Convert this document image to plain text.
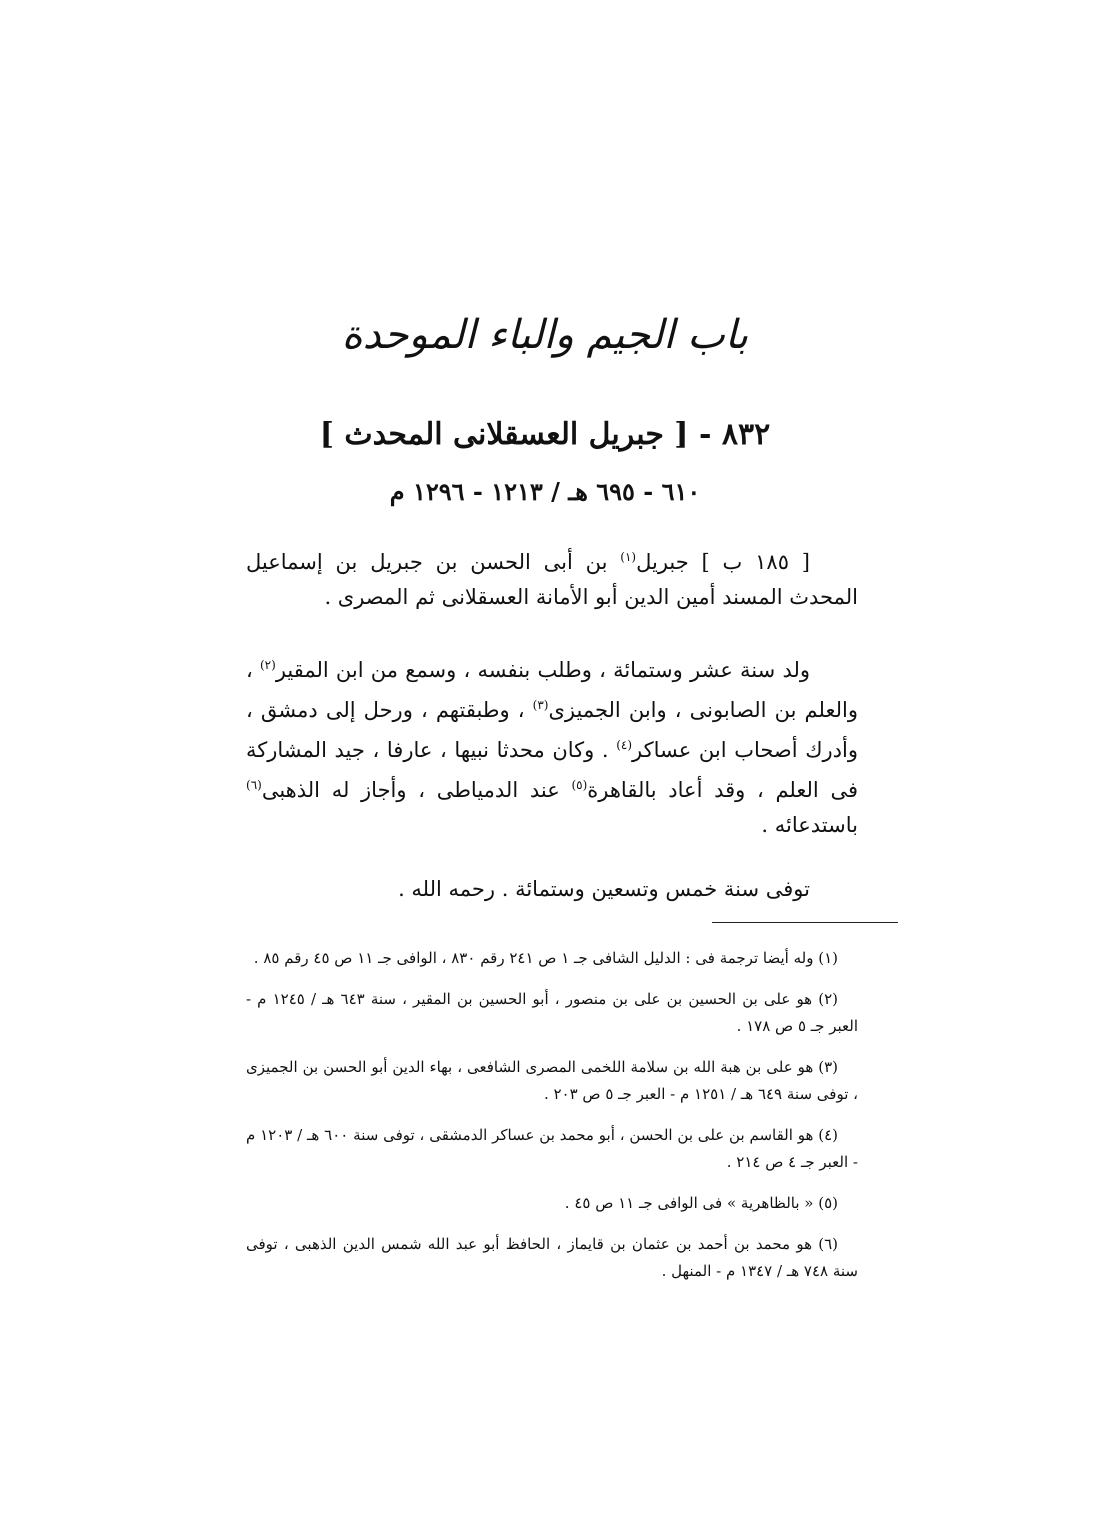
باب الجيم والباء الموحدة
٨٣٢ - [ جبريل العسقلانى المحدث ]
٦١٠ - ٦٩٥ هـ / ١٢١٣ - ١٢٩٦ م
[ ١٨٥ ب ] جبريل$^{(١)}$ بن أبى الحسن بن جبريل بن إسماعيل المحدث المسند أمين الدين أبو الأمانة العسقلانى ثم المصرى .
ولد سنة عشر وستمائة ، وطلب بنفسه ، وسمع من ابن المقير$^{(٢)}$ ، والعلم بن الصابونى ، وابن الجميزى$^{(٣)}$ ، وطبقتهم ، ورحل إلى دمشق ، وأدرك أصحاب ابن عساكر$^{(٤)}$ . وكان محدثا نبيها ، عارفا ، جيد المشاركة فى العلم ، وقد أعاد بالقاهرة$^{(٥)}$ عند الدمياطى ، وأجاز له الذهبى$^{(٦)}$ باستدعائه .
توفى سنة خمس وتسعين وستمائة . رحمه الله .

(١) وله أيضا ترجمة فى : الدليل الشافى جـ ١ ص ٢٤١ رقم ٨٣٠ ، الوافى جـ ١١ ص ٤٥ رقم ٨٥ .

(٢) هو على بن الحسين بن على بن منصور ، أبو الحسين بن المقير ، سنة ٦٤٣ هـ / ١٢٤٥ م - العبر جـ ٥ ص ١٧٨ .

(٣) هو على بن هبة الله بن سلامة اللخمى المصرى الشافعى ، بهاء الدين أبو الحسن بن الجميزى ، توفى سنة ٦٤٩ هـ / ١٢٥١ م - العبر جـ ٥ ص ٢٠٣ .

(٤) هو القاسم بن على بن الحسن ، أبو محمد بن عساكر الدمشقى ، توفى سنة ٦٠٠ هـ / ١٢٠٣ م - العبر جـ ٤ ص ٢١٤ .

(٥) « بالظاهرية » فى الوافى جـ ١١ ص ٤٥ .

(٦) هو محمد بن أحمد بن عثمان بن قايماز ، الحافظ أبو عبد الله شمس الدين الذهبى ، توفى سنة ٧٤٨ هـ / ١٣٤٧ م - المنهل .
